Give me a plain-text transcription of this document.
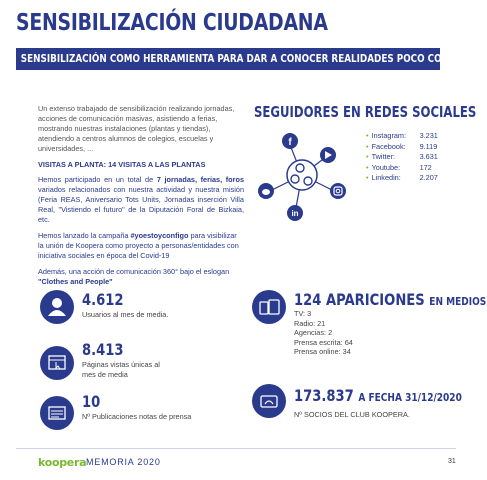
SENSIBILIZACIÓN CIUDADANA
SENSIBILIZACIÓN COMO HERRAMIENTA PARA DAR A CONOCER REALIDADES POCO CONOCIDAS

Un extenso trabajado de sensibilización realizando jornadas, acciones de comunicación masivas, asistiendo a ferias, mostrando nuestras instalaciones (plantas y tiendas), atendiendo a centros alumnos de colegios, escuelas y universidades, ...

VISITAS A PLANTA: 14 VISITAS A LAS PLANTAS

Hemos participado en un total de 7 jornadas, ferias, foros variados relacionados con nuestra actividad y nuestra misión (Feria REAS, Aniversario Tots Units, Jornadas inserción Villa Real, "Vistiendo el futuro" de la Diputación Foral de Bizkaia, etc.

Hemos lanzado la campaña #yoestoyconfigo para visibilizar la unión de Koopera como proyecto a personas/entidades con iniciativa sociales en época del Covid-19

Además, una acción de comunicación 360° bajo el eslogan
"Clothes and People"

SEGUIDORES EN REDES SOCIALES
f
in
• Instagram:	3.231
• Facebook:	9.119
• Twitter:	3.631
• Youtube:	172
• Linkedin:	2.207
4.612
Usuarios al mes de media.
8.413
Páginas vistas únicas al mes de media
10
Nº Publicaciones notas de prensa
124 APARICIONES EN MEDIOS
TV: 3
Radio: 21
Agencias: 2
Prensa escrita: 64
Prensa online: 34
173.837 A FECHA 31/12/2020
Nº SOCIOS DEL CLUB KOOPERA.
koopera MEMORIA 2020	31
